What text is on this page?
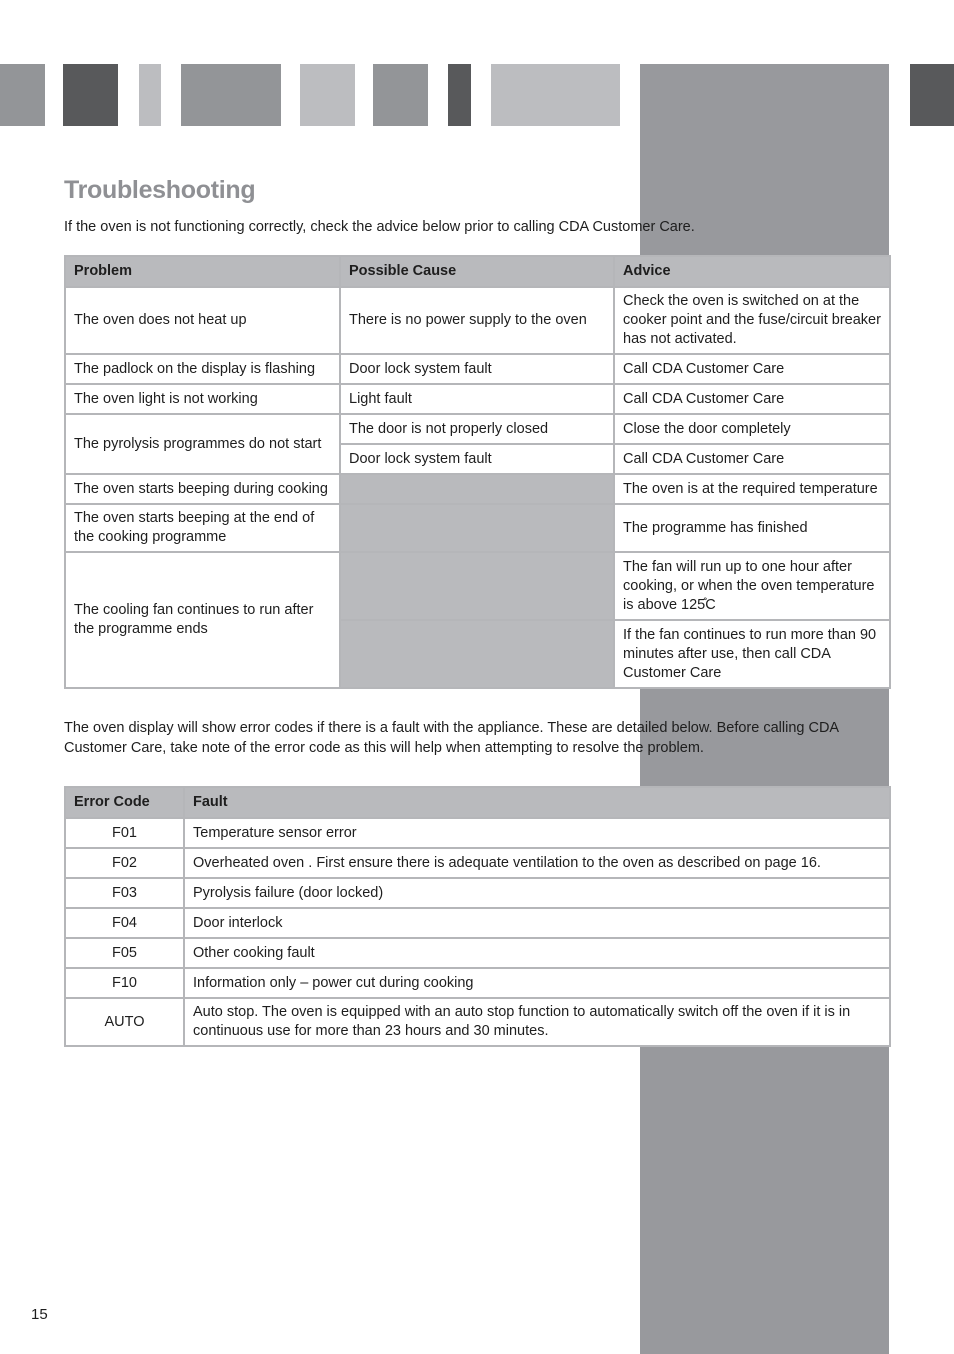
Troubleshooting

If the oven is not functioning correctly, check the advice below prior to calling CDA Customer Care.

Problem	Possible Cause	Advice
The oven does not heat up	There is no power supply to the oven	Check the oven is switched on at the cooker point and the fuse/circuit breaker has not activated.
The padlock on the display is flashing	Door lock system fault	Call CDA Customer Care
The oven light is not working	Light fault	Call CDA Customer Care
The pyrolysis programmes do not start	The door is not properly closed	Close the door completely
	Door lock system fault	Call CDA Customer Care
The oven starts beeping during cooking		The oven is at the required temperature
The oven starts beeping at the end of the cooking programme		The programme has finished
The cooling fan continues to run after the programme ends		The fan will run up to one hour after cooking, or when the oven temperature is above 125̊C
		If the fan continues to run more than 90 minutes after use, then call CDA Customer Care

The oven display will show error codes if there is a fault with the appliance. These are detailed below. Before calling CDA Customer Care, take note of the error code as this will help when attempting to resolve the problem.

Error Code	Fault
F01	Temperature sensor error
F02	Overheated oven . First ensure there is adequate ventilation to the oven as described on page 16.
F03	Pyrolysis failure (door locked)
F04	Door interlock
F05	Other cooking fault
F10	Information only – power cut during cooking
AUTO	Auto stop. The oven is equipped with an auto stop function to automatically switch off the oven if it is in continuous use for more than 23 hours and 30 minutes.

15
